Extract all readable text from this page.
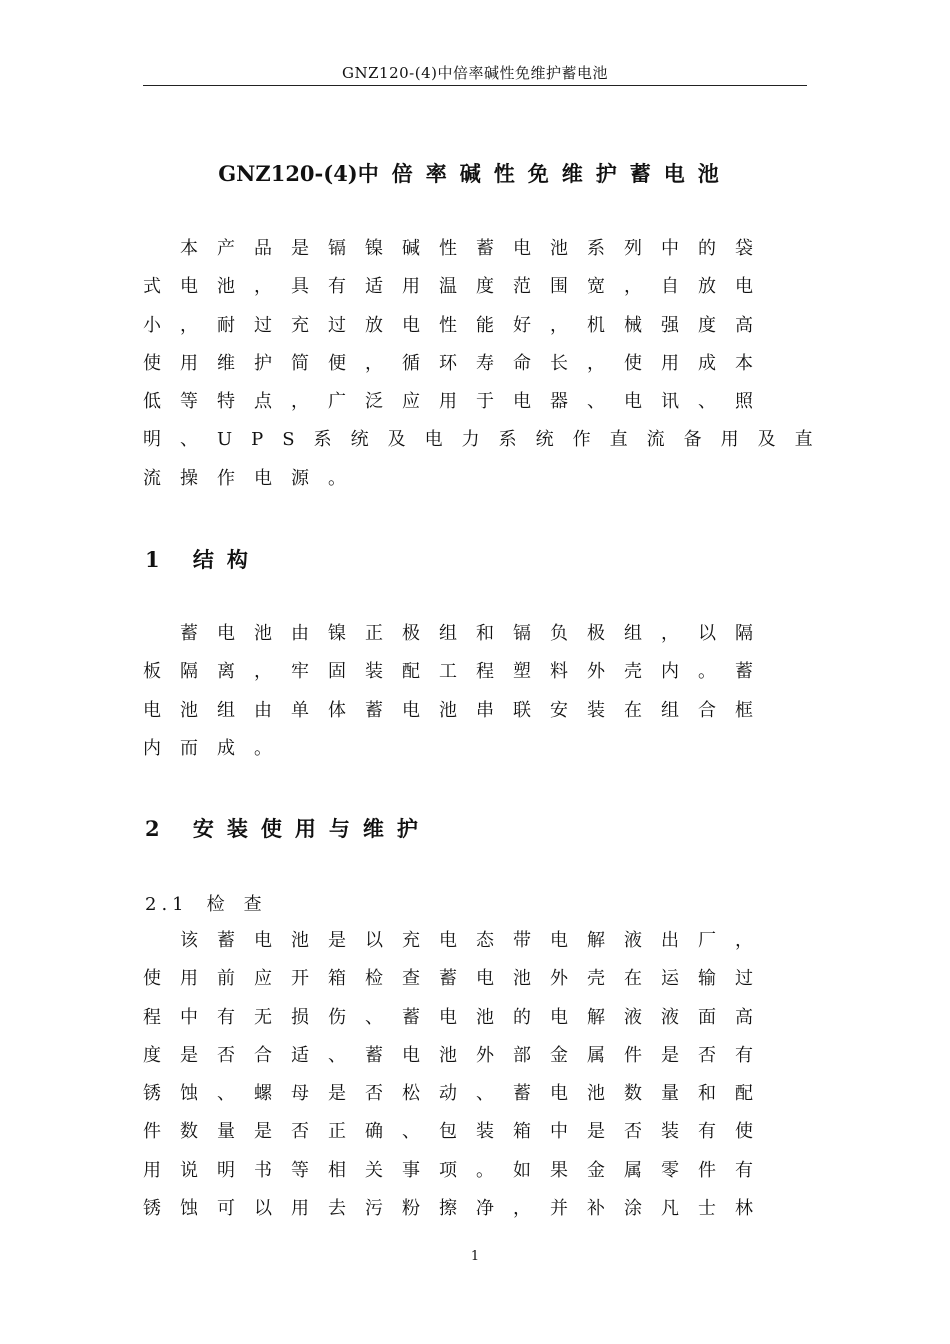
GNZ120-(4)中倍率碱性免维护蓄电池
GNZ120-(4)中倍率碱性免维护蓄电池
　本产品是镉镍碱性蓄电池系列中的袋
式电池，具有适用温度范围宽，自放电
小，耐过充过放电性能好，机械强度高
使用维护简便，循环寿命长，使用成本
低等特点，广泛应用于电器、电讯、照
明、UPS系统及电力系统作直流备用及直
流操作电源。
1 结构
　蓄电池由镍正极组和镉负极组，以隔
板隔离，牢固装配工程塑料外壳内。蓄
电池组由单体蓄电池串联安装在组合框
内而成。
2 安装使用与维护
2.1 检查
　该蓄电池是以充电态带电解液出厂，
使用前应开箱检查蓄电池外壳在运输过
程中有无损伤、蓄电池的电解液液面高
度是否合适、蓄电池外部金属件是否有
锈蚀、螺母是否松动、蓄电池数量和配
件数量是否正确、包装箱中是否装有使
用说明书等相关事项。如果金属零件有
锈蚀可以用去污粉擦净，并补涂凡士林
1
